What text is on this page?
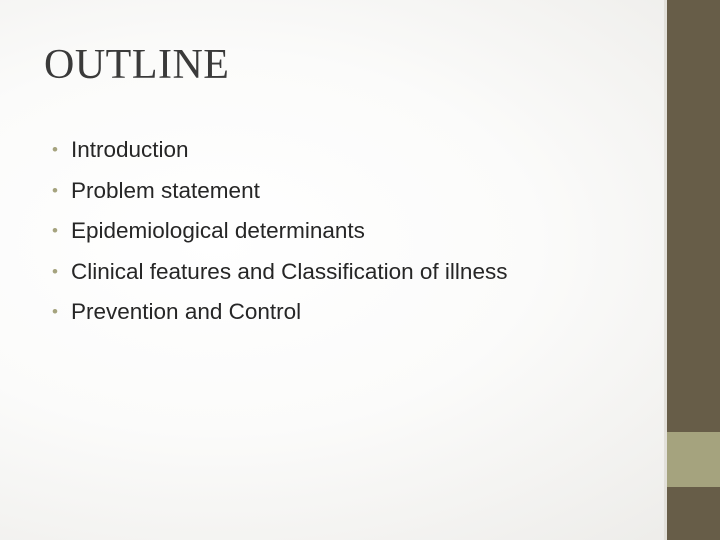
OUTLINE
• Introduction
• Problem statement
• Epidemiological determinants
• Clinical features and Classification of illness
• Prevention and Control
